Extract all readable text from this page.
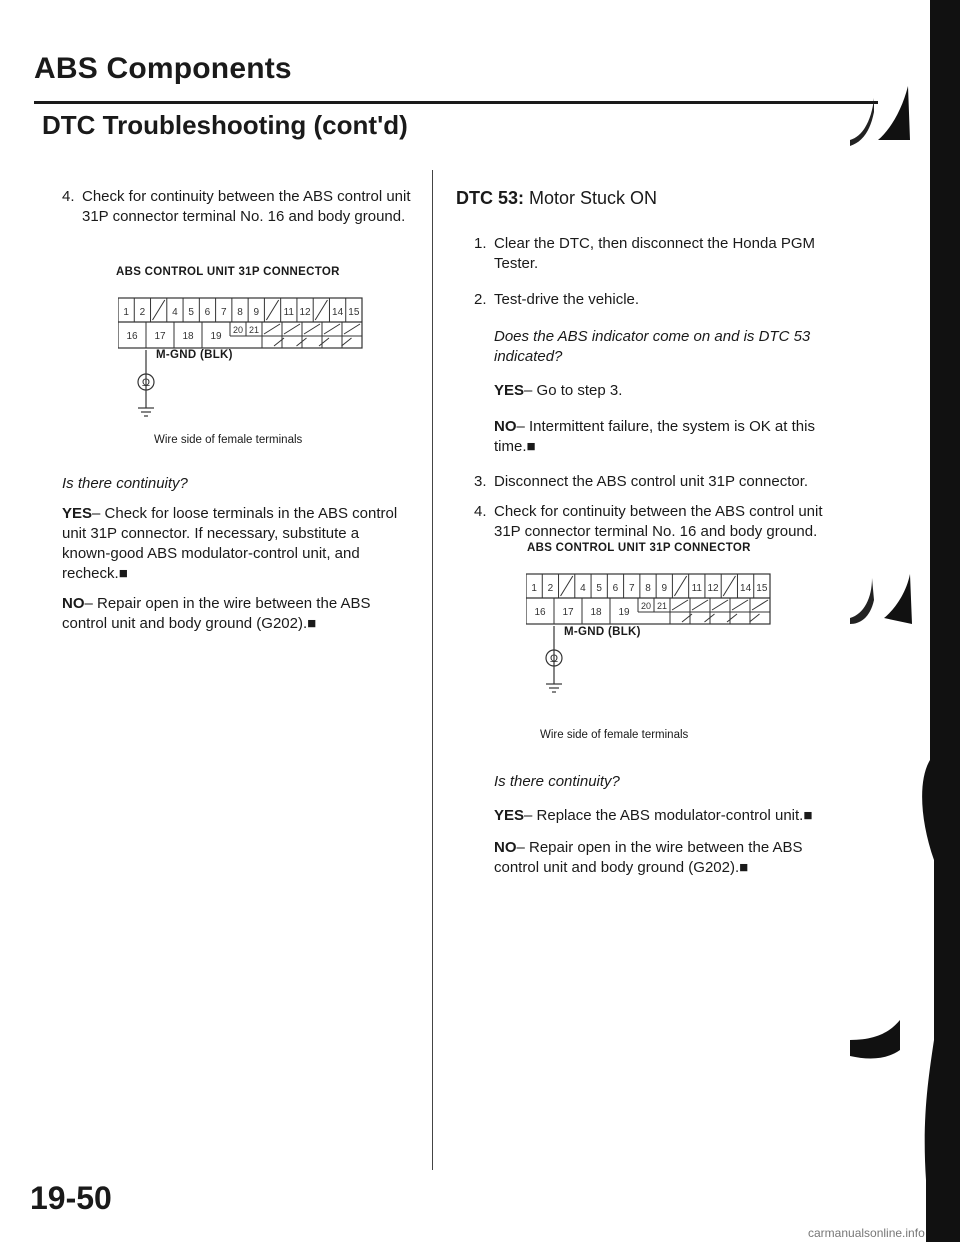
ABS Components
DTC Troubleshooting (cont'd)
4. Check for continuity between the ABS control unit
31P connector terminal No. 16 and body ground.
ABS CONTROL UNIT 31P CONNECTOR
1 2	4 5 6 7 8 9 11 12 14 15
16 17 18 19
20 21
Ω
M-GND (BLK)
Wire side of female terminals
Is there continuity?
YES– Check for loose terminals in the ABS control
unit 31P connector. If necessary, substitute a
known-good ABS modulator-control unit, and
recheck.■
NO– Repair open in the wire between the ABS
control unit and body ground (G202).■
DTC 53: Motor Stuck ON
1. Clear the DTC, then disconnect the Honda PGM
Tester.
2. Test-drive the vehicle.
Does the ABS indicator come on and is DTC 53
indicated?
YES– Go to step 3.
NO– Intermittent failure, the system is OK at this
time.■
3. Disconnect the ABS control unit 31P connector.
4. Check for continuity between the ABS control unit
31P connector terminal No. 16 and body ground.
ABS CONTROL UNIT 31P CONNECTOR
1 2	4 5 6 7 8 9 11 12 14 15
16 17 18 19
20 21
Ω
M-GND (BLK)
Wire side of female terminals
Is there continuity?
YES– Replace the ABS modulator-control unit.■
NO– Repair open in the wire between the ABS
control unit and body ground (G202).■
19-50
carmanualsonline.info
